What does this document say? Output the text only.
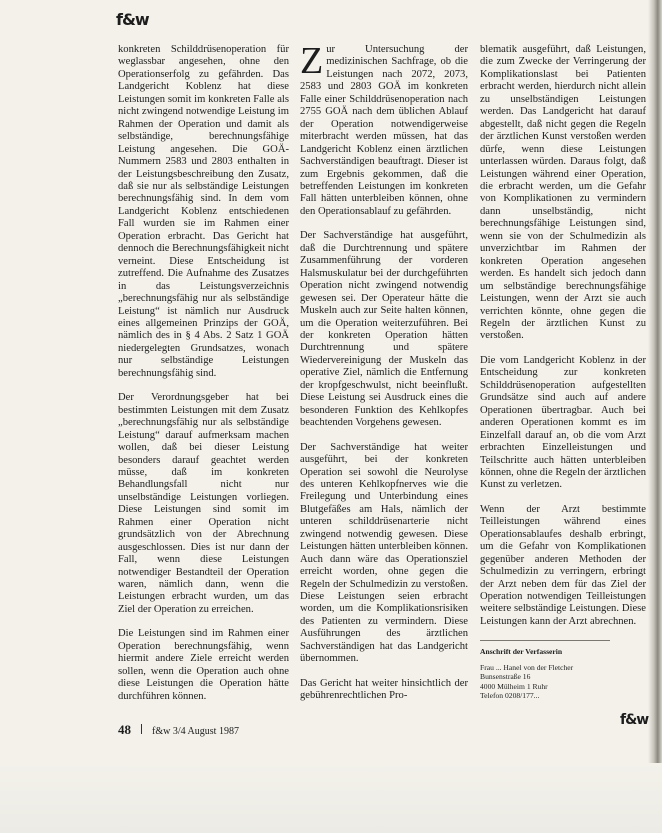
f&w

konkreten Schilddrüsenoperation für weglassbar angesehen, ohne den Operationserfolg zu gefährden. Das Landgericht Koblenz hat diese Leistungen somit im konkreten Falle als nicht zwingend notwendige Leistung im Rahmen der Operation und damit als selbständige, berechnungsfähige Leistung angesehen. Die GOÄ-Nummern 2583 und 2803 enthalten in der Leistungsbeschreibung den Zusatz, daß sie nur als selbständige Leistungen berechnungsfähig sind. In dem vom Landgericht Koblenz entschiedenen Fall wurden sie im Rahmen einer Operation erbracht. Das Gericht hat dennoch die Berechnungsfähigkeit nicht verneint. Diese Entscheidung ist zutreffend. Die Aufnahme des Zusatzes in das Leistungsverzeichnis „berechnungsfähig nur als selbständige Leistung“ ist nämlich nur Ausdruck eines allgemeinen Prinzips der GOÄ, nämlich des in § 4 Abs. 2 Satz 1 GOÄ niedergelegten Grundsatzes, wonach nur selbständige Leistungen berechnungsfähig sind.

Der Verordnungsgeber hat bei bestimmten Leistungen mit dem Zusatz „berechnungsfähig nur als selbständige Leistung“ darauf aufmerksam machen wollen, daß bei dieser Leistung besonders darauf geachtet werden müsse, daß im konkreten Behandlungsfall nicht nur unselbständige Leistungen vorliegen. Diese Leistungen sind somit im Rahmen einer Operation nicht grundsätzlich von der Abrechnung ausgeschlossen. Dies ist nur dann der Fall, wenn diese Leistungen notwendiger Bestandteil der Operation waren, nämlich dann, wenn die Leistungen erbracht wurden, um das Ziel der Operation zu erreichen.

Die Leistungen sind im Rahmen einer Operation berechnungsfähig, wenn hiermit andere Ziele erreicht werden sollen, wenn die Operation auch ohne diese Leistungen die Operation hätte durchführen können.

Zur Untersuchung der medizinischen Sachfrage, ob die Leistungen nach 2072, 2073, 2583 und 2803 GOÄ im konkreten Falle einer Schilddrüsenoperation nach 2755 GOÄ nach dem üblichen Ablauf der Operation notwendigerweise miterbracht werden müssen, hat das Landgericht Koblenz einen ärztlichen Sachverständigen beauftragt. Dieser ist zum Ergebnis gekommen, daß die betreffenden Leistungen im konkreten Fall hätten unterbleiben können, ohne den Operationsablauf zu gefährden.

Der Sachverständige hat ausgeführt, daß die Durchtrennung und spätere Zusammenführung der vorderen Halsmuskulatur bei der durchgeführten Operation nicht zwingend notwendig gewesen sei. Der Operateur hätte die Muskeln auch zur Seite halten können, um die Operation weiterzuführen. Bei der konkreten Operation hätten Durchtrennung und spätere Wiedervereinigung der Muskeln das operative Ziel, nämlich die Entfernung der kropfgeschwulst, nicht beeinflußt. Diese Leistung sei Ausdruck eines die besonderen Funktion des Kehlkopfes beachtenden Vorgehens gewesen.

Der Sachverständige hat weiter ausgeführt, bei der konkreten Operation sei sowohl die Neurolyse des unteren Kehlkopfnerves wie die Freilegung und Unterbindung eines Blutgefäßes am Hals, nämlich der unteren schilddrüsenarterie nicht zwingend notwendig gewesen. Diese Leistungen hätten unterbleiben können. Auch dann wäre das Operationsziel erreicht worden, ohne gegen die Regeln der Schulmedizin zu verstoßen. Diese Leistungen seien erbracht worden, um die Komplikationsrisiken des Patienten zu vermindern. Diese Ausführungen des ärztlichen Sachverständigen hat das Landgericht übernommen.

Das Gericht hat weiter hinsichtlich der gebührenrechtlichen Pro-

blematik ausgeführt, daß Leistungen, die zum Zwecke der Verringerung der Komplikationslast bei Patienten erbracht werden, hierdurch nicht allein zu unselbständigen Leistungen werden. Das Landgericht hat darauf abgestellt, daß nicht gegen die Regeln der ärztlichen Kunst verstoßen werden dürfe, wenn diese Leistungen unterlassen würden. Daraus folgt, daß Leistungen während einer Operation, die erbracht werden, um die Gefahr von Komplikationen zu vermindern dann unselbständig, nicht berechnungsfähige Leistungen sind, wenn sie von der Schulmedizin als unverzichtbar im Rahmen der konkreten Operation angesehen werden. Es handelt sich jedoch dann um selbständige berechnungsfähige Leistungen, wenn der Arzt sie auch verrichten könnte, ohne gegen die Regeln der ärztlichen Kunst zu verstoßen.

Die vom Landgericht Koblenz in der Entscheidung zur konkreten Schilddrüsenoperation aufgestellten Grundsätze sind auch auf andere Operationen übertragbar. Auch bei anderen Operationen kommt es im Einzelfall darauf an, ob die vom Arzt erbrachten Einzelleistungen und Teilschritte auch hätten unterbleiben können, ohne die Regeln der ärztlichen Kunst zu verletzen.

Wenn der Arzt bestimmte Teilleistungen während eines Operationsablaufes deshalb erbringt, um die Gefahr von Komplikationen gegenüber anderen Methoden der Schulmedizin zu verringern, erbringt der Arzt neben dem für das Ziel der Operation notwendigen Teilleistungen weitere selbständige Leistungen. Diese Leistungen kann der Arzt abrechnen.

Anschrift der Verfasserin
Frau ... Hanel von der Fletcher
Bunsenstraße 16
4000 Mülheim 1 Ruhr
Telefon 0208/177...
f&w
48 f&w 3/4 August 1987
